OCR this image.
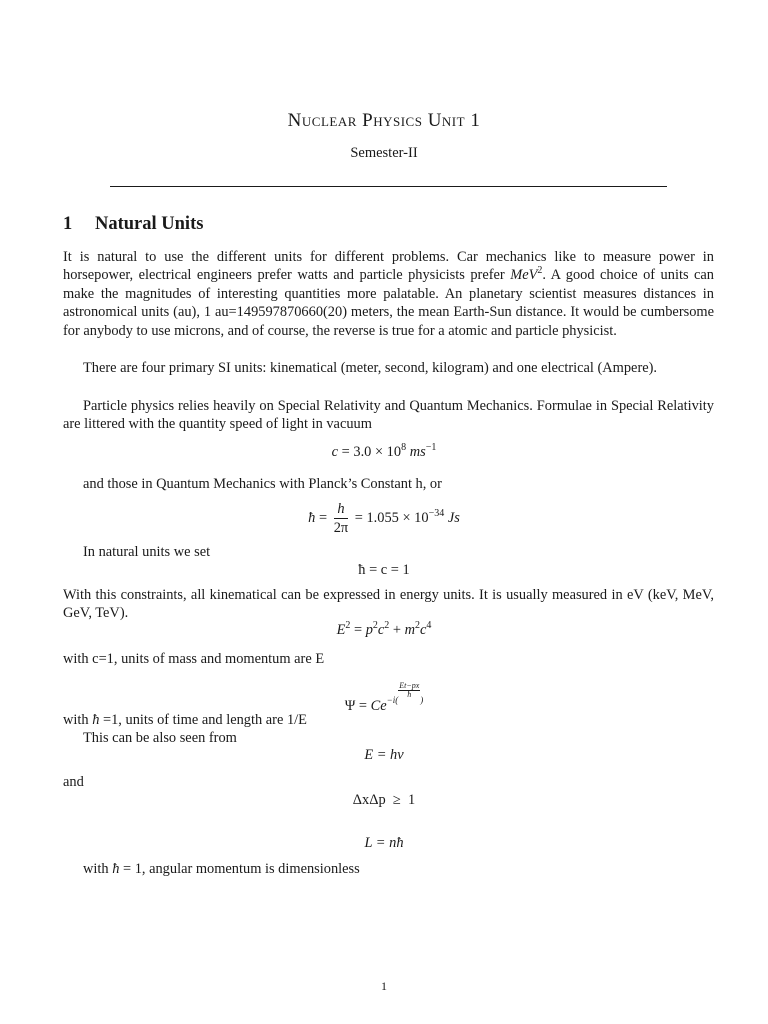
Nuclear Physics Unit 1
Semester-II
1 Natural Units
It is natural to use the different units for different problems. Car mechanics like to measure power in horsepower, electrical engineers prefer watts and particle physicists prefer MeV$^2$. A good choice of units can make the magnitudes of interesting quantities more palatable. An planetary scientist measures distances in astronomical units (au), 1 au=149597870660(20) meters, the mean Earth-Sun distance. It would be cumbersome for anybody to use microns, and of course, the reverse is true for a atomic and particle physicist.
There are four primary SI units: kinematical (meter, second, kilogram) and one electrical (Ampere).
Particle physics relies heavily on Special Relativity and Quantum Mechanics. Formulae in Special Relativity are littered with the quantity speed of light in vacuum
$c = 3.0 \times 10^8$ $ms^{-1}$
and those in Quantum Mechanics with Planck’s Constant h, or
ħ = $\frac{h}{2\pi} = 1.055 \times 10^{-34}$ Js
In natural units we set
ħ = c = 1
With this constraints, all kinematical can be expressed in energy units. It is usually measured in eV (keV, MeV, GeV, TeV).
$E^2 = p^2c^2 + m^2c^4$
with c=1, units of mass and momentum are E
$\Psi = Ce^{-i( \frac{Et-px}{ħ} )}$
with ħ =1, units of time and length are 1/E
This can be also seen from
E = hν
and
ΔxΔp  ≥  1
L = nħ
with ħ = 1, angular momentum is dimensionless
1
